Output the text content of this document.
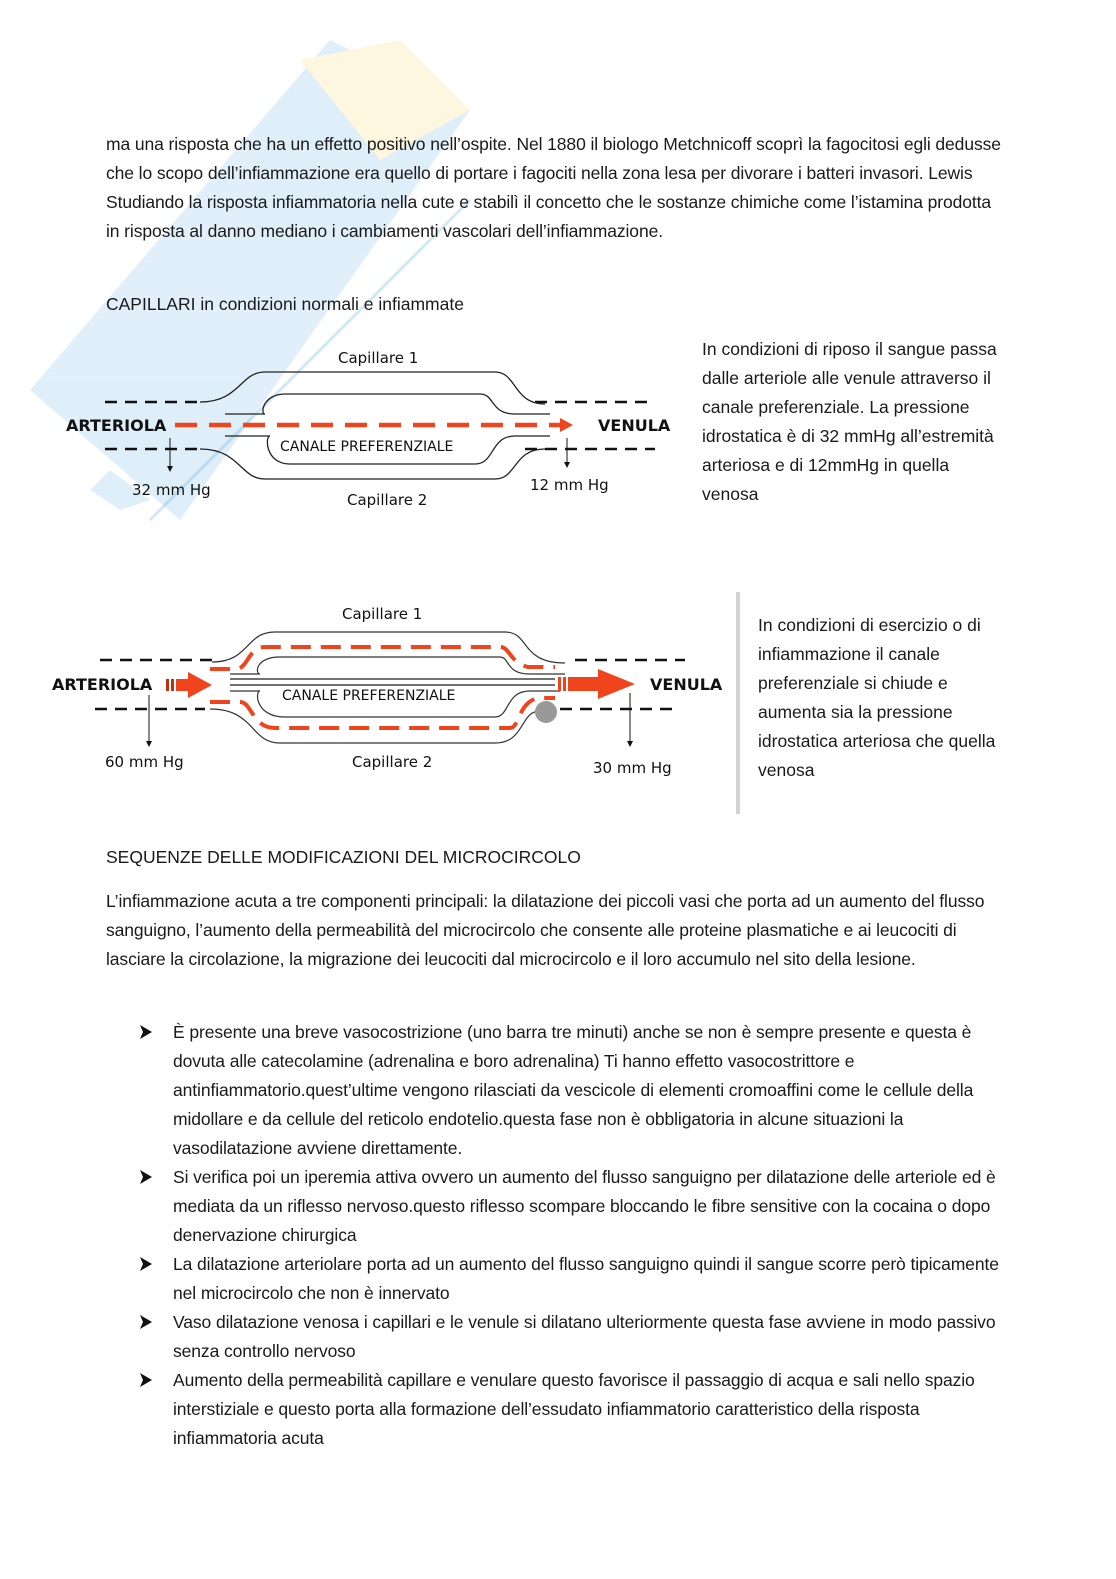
ma una risposta che ha un effetto positivo nell’ospite. Nel 1880 il biologo Metchnicoff scoprì la fagocitosi egli dedusse che lo scopo dell’infiammazione era quello di portare i fagociti nella zona lesa per divorare i batteri invasori. Lewis Studiando la risposta infiammatoria nella cute e stabilì il concetto che le sostanze chimiche come l’istamina prodotta in risposta al danno mediano i cambiamenti vascolari dell’infiammazione.

CAPILLARI in condizioni normali e infiammate

ARTERIOLA	VENULA
Capillare 1
Capillare 2
CANALE PREFERENZIALE
32 mm Hg	12 mm Hg

In condizioni di riposo il sangue passa dalle arteriole alle venule attraverso il canale preferenziale. La pressione idrostatica è di 32 mmHg all’estremità arteriosa e di 12mmHg in quella venosa

ARTERIOLA	VENULA
Capillare 1
Capillare 2
CANALE PREFERENZIALE
60 mm Hg	30 mm Hg

In condizioni di esercizio o di infiammazione il canale preferenziale si chiude e aumenta sia la pressione idrostatica arteriosa che quella venosa

SEQUENZE DELLE MODIFICAZIONI DEL MICROCIRCOLO

L’infiammazione acuta a tre componenti principali: la dilatazione dei piccoli vasi che porta ad un aumento del flusso sanguigno, l’aumento della permeabilità del microcircolo che consente alle proteine plasmatiche e ai leucociti di lasciare la circolazione, la migrazione dei leucociti dal microcircolo e il loro accumulo nel sito della lesione.

È presente una breve vasocostrizione (uno barra tre minuti) anche se non è sempre presente e questa è dovuta alle catecolamine (adrenalina e boro adrenalina) Ti hanno effetto vasocostrittore e antinfiammatorio.quest’ultime vengono rilasciati da vescicole di elementi cromoaffini come le cellule della midollare e da cellule del reticolo endotelio.questa fase non è obbligatoria in alcune situazioni la vasodilatazione avviene direttamente.
Si verifica poi un iperemia attiva ovvero un aumento del flusso sanguigno per dilatazione delle arteriole ed è mediata da un riflesso nervoso.questo riflesso scompare bloccando le fibre sensitive con la cocaina o dopo denervazione chirurgica
La dilatazione arteriolare porta ad un aumento del flusso sanguigno quindi il sangue scorre però tipicamente nel microcircolo che non è innervato
Vaso dilatazione venosa i capillari e le venule si dilatano ulteriormente questa fase avviene in modo passivo senza controllo nervoso
Aumento della permeabilità capillare e venulare questo favorisce il passaggio di acqua e sali nello spazio interstiziale e questo porta alla formazione dell’essudato infiammatorio caratteristico della risposta infiammatoria acuta
